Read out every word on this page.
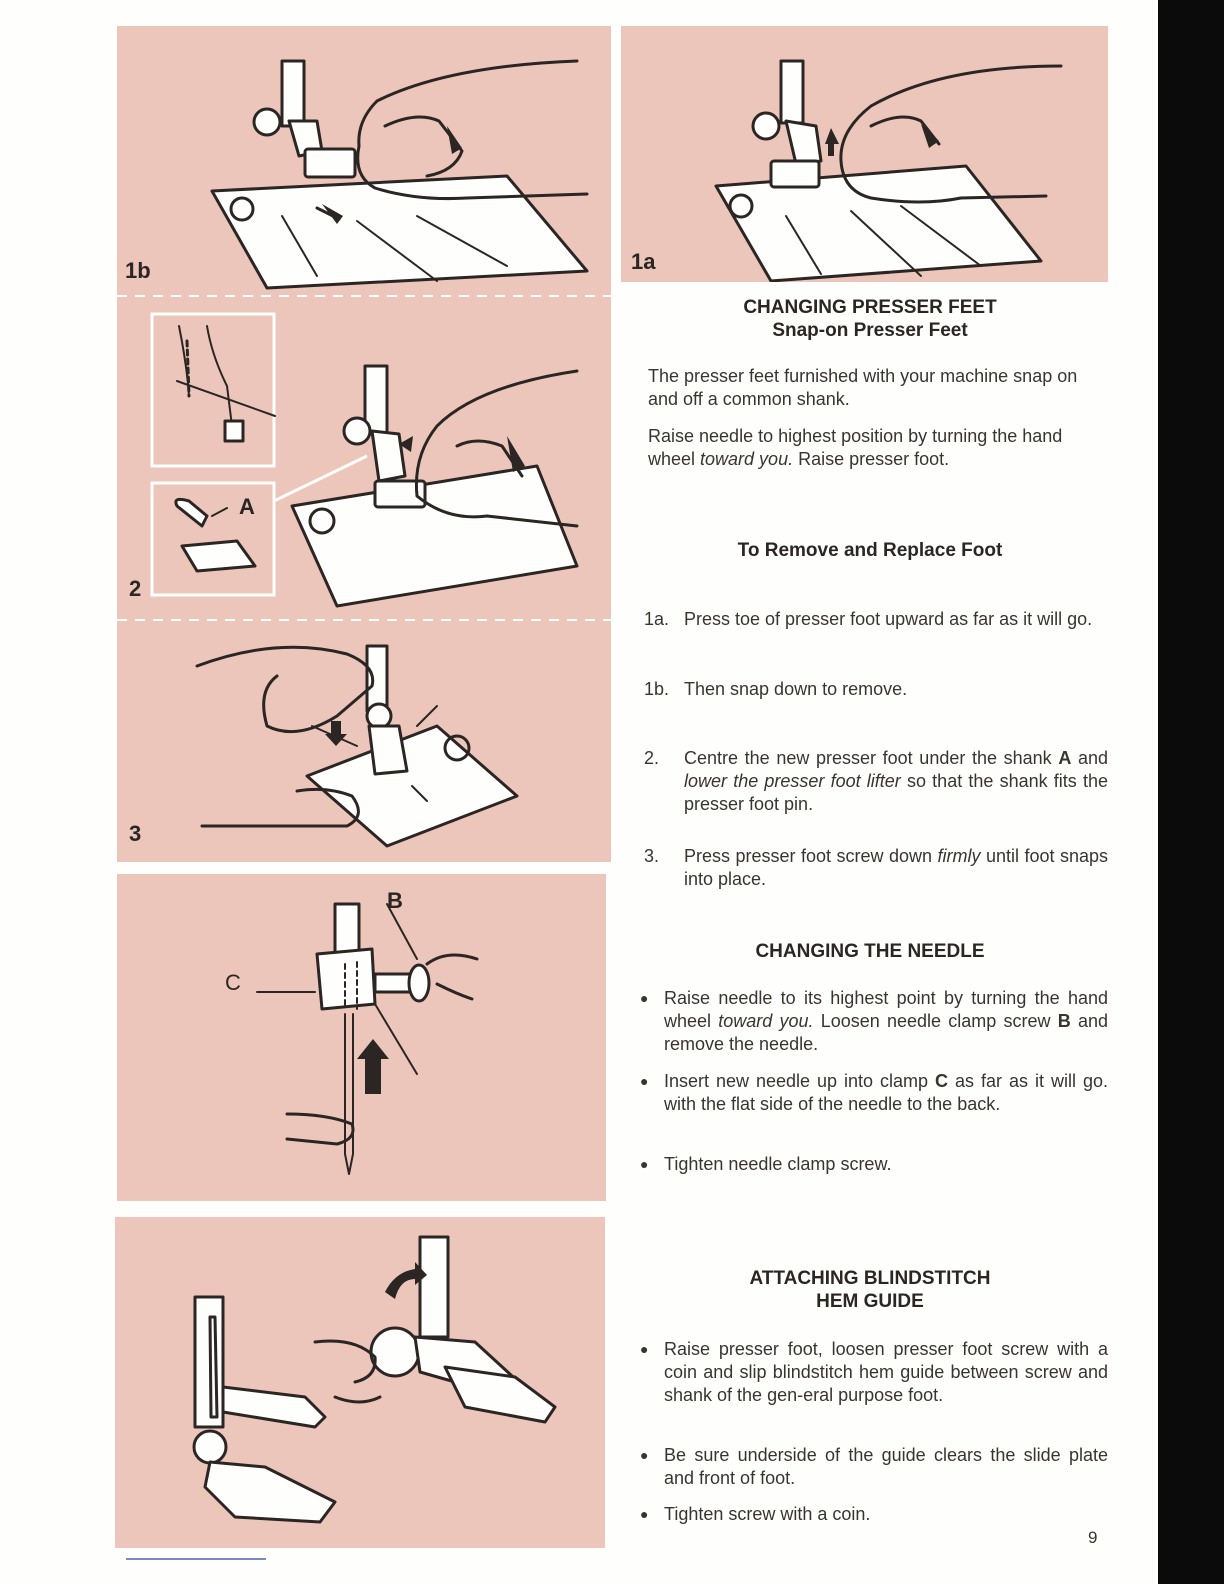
1b
A
2
3
1a
B
C
CHANGING PRESSER FEET
Snap-on Presser Feet
The presser feet furnished with your machine snap on and off a common shank.
Raise needle to highest position by turning the hand wheel toward you. Raise presser foot.
To Remove and Replace Foot
1a. Press toe of presser foot upward as far as it will go.
1b. Then snap down to remove.
2.	Centre the new presser foot under the shank A and lower the presser foot lifter so that the shank fits the presser foot pin.
3.	Press presser foot screw down firmly until foot snaps into place.
CHANGING THE NEEDLE
● Raise needle to its highest point by turning the hand wheel toward you. Loosen needle clamp screw B and remove the needle.
● Insert new needle up into clamp C as far as it will go. with the flat side of the needle to the back.
● Tighten needle clamp screw.
ATTACHING BLINDSTITCH
HEM GUIDE
● Raise presser foot, loosen presser foot screw with a coin and slip blindstitch hem guide between screw and shank of the gen-eral purpose foot.
● Be sure underside of the guide clears the slide plate and front of foot.
● Tighten screw with a coin.
9
